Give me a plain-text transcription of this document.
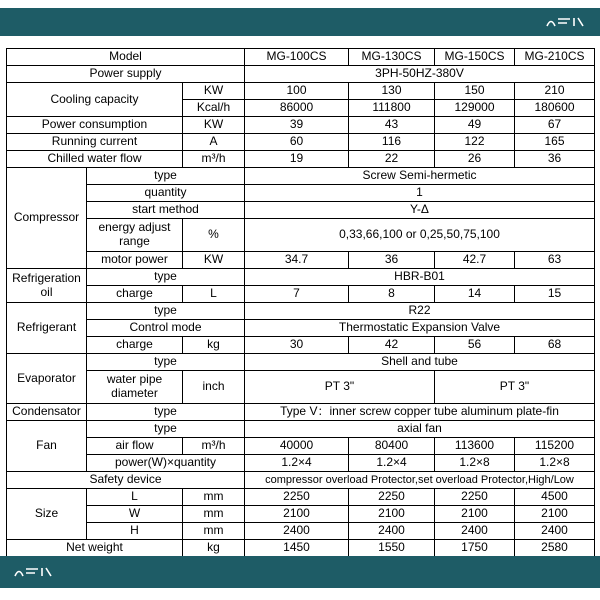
Model			MG-100CS	MG-130CS	MG-150CS	MG-210CS
Power supply			3PH-50HZ-380V			
Cooling capacity		KW	100	130	150	210
		Kcal/h	86000	111800	129000	180600
Power consumption		KW	39	43	49	67
Running current		A	60	116	122	165
Chilled water flow		m³/h	19	22	26	36
Compressor	type		Screw Semi-hermetic			
	quantity		1			
	start method		Y-Δ			
	energy adjust range	%	0,33,66,100 or 0,25,50,75,100			
	motor power	KW	34.7	36	42.7	63
Refrigeration oil	type		HBR-B01			
	charge	L	7	8	14	15
Refrigerant	type		R22			
	Control mode		Thermostatic Expansion Valve			
	charge	kg	30	42	56	68
Evaporator	type		Shell and tube			
	water pipe diameter	inch	PT 3"		PT 3"	
Condensator	type		Type V：inner screw copper tube aluminum plate-fin			
Fan	type		axial fan			
	air flow	m³/h	40000	80400	113600	115200
	power(W)×quantity		1.2×4	1.2×4	1.2×8	1.2×8
Safety device			compressor overload Protector,set overload Protector,High/Low			
Size	L	mm	2250	2250	2250	4500
	W	mm	2100	2100	2100	2100
	H	mm	2400	2400	2400	2400
Net weight		kg	1450	1550	1750	2580
